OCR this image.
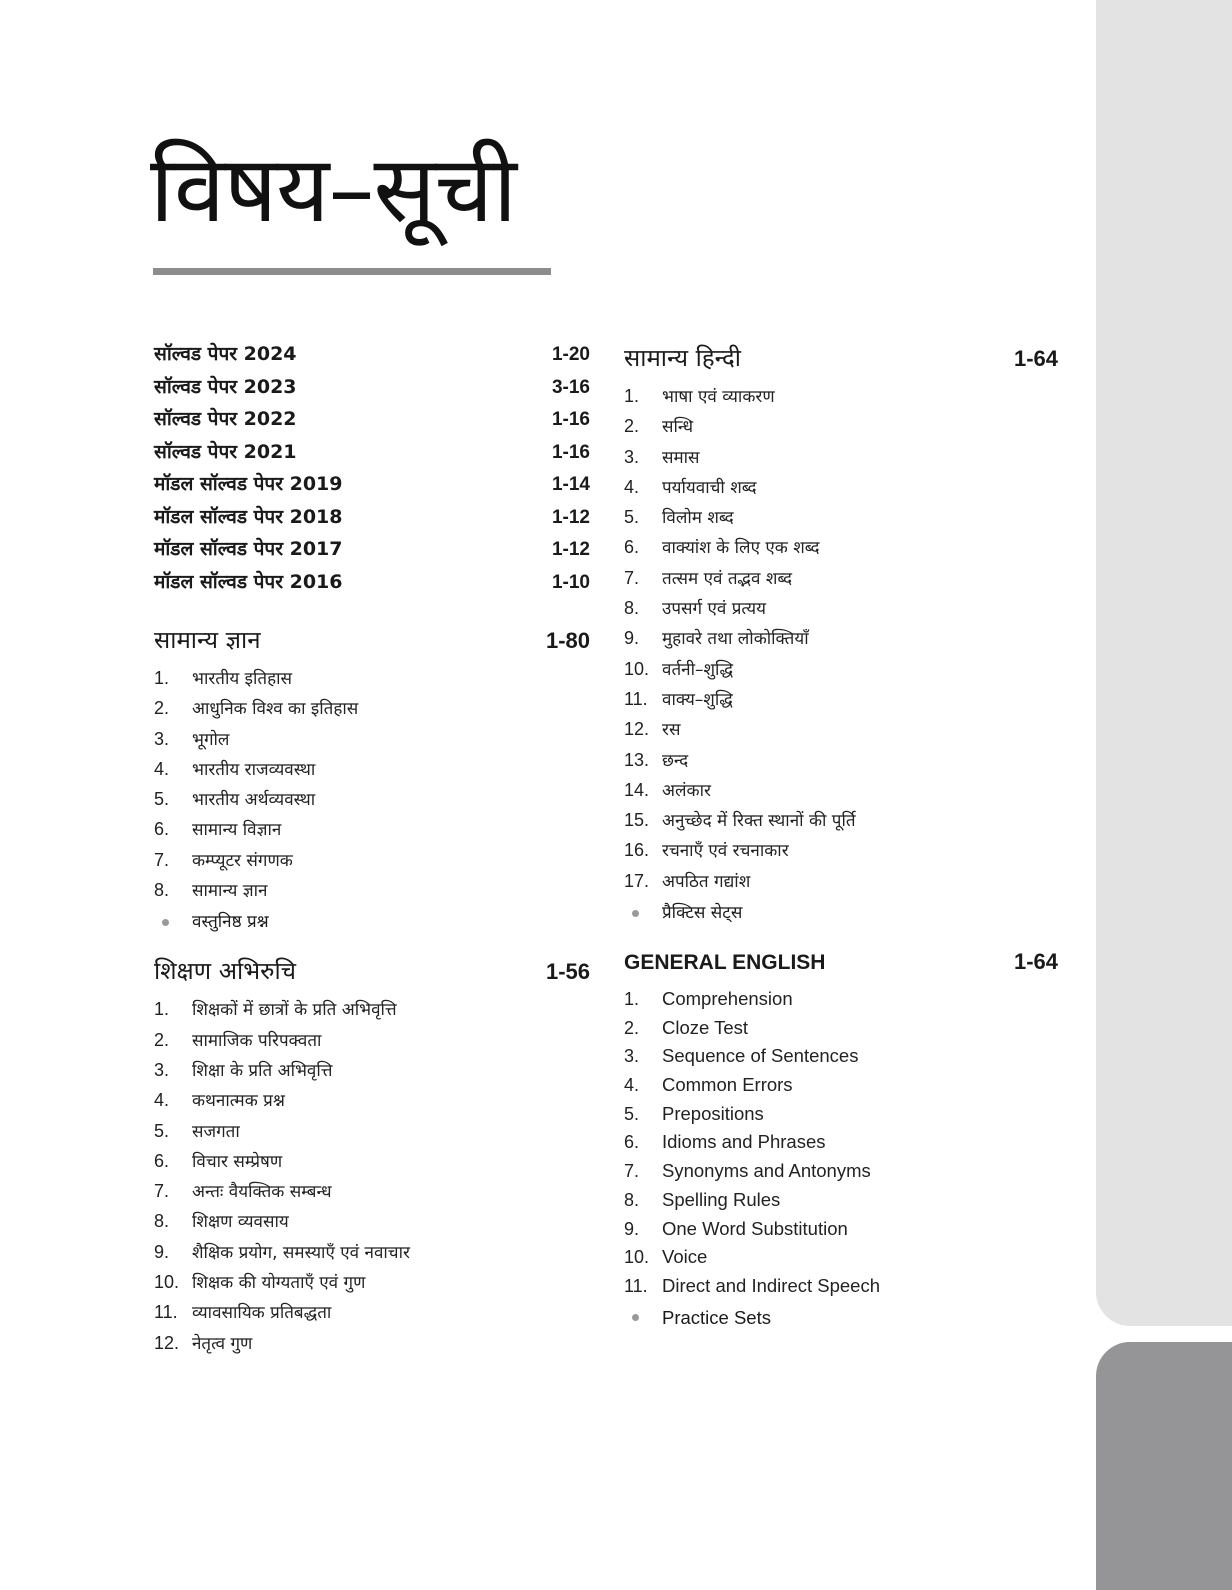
विषय–सूची
सॉल्वड पेपर 2024	1-20
सॉल्वड पेपर 2023	3-16
सॉल्वड पेपर 2022	1-16
सॉल्वड पेपर 2021	1-16
मॉडल सॉल्वड पेपर 2019	1-14
मॉडल सॉल्वड पेपर 2018	1-12
मॉडल सॉल्वड पेपर 2017	1-12
मॉडल सॉल्वड पेपर 2016	1-10
सामान्य ज्ञान	1-80
1.	भारतीय इतिहास
2.	आधुनिक विश्व का इतिहास
3.	भूगोल
4.	भारतीय राजव्यवस्था
5.	भारतीय अर्थव्यवस्था
6.	सामान्य विज्ञान
7.	कम्प्यूटर संगणक
8.	सामान्य ज्ञान
वस्तुनिष्ठ प्रश्न
शिक्षण अभिरुचि	1-56
1.	शिक्षकों में छात्रों के प्रति अभिवृत्ति
2.	सामाजिक परिपक्वता
3.	शिक्षा के प्रति अभिवृत्ति
4.	कथनात्मक प्रश्न
5.	सजगता
6.	विचार सम्प्रेषण
7.	अन्तः वैयक्तिक सम्बन्ध
8.	शिक्षण व्यवसाय
9.	शैक्षिक प्रयोग, समस्याएँ एवं नवाचार
10. शिक्षक की योग्यताएँ एवं गुण
11. व्यावसायिक प्रतिबद्धता
12. नेतृत्व गुण
सामान्य हिन्दी	1-64
1.	भाषा एवं व्याकरण
2.	सन्धि
3.	समास
4.	पर्यायवाची शब्द
5.	विलोम शब्द
6.	वाक्यांश के लिए एक शब्द
7.	तत्सम एवं तद्भव शब्द
8.	उपसर्ग एवं प्रत्यय
9.	मुहावरे तथा लोकोक्तियाँ
10. वर्तनी–शुद्धि
11. वाक्य–शुद्धि
12. रस
13. छन्द
14. अलंकार
15. अनुच्छेद में रिक्त स्थानों की पूर्ति
16. रचनाएँ एवं रचनाकार
17. अपठित गद्यांश
प्रैक्टिस सेट्स
GENERAL ENGLISH	1-64
1.	Comprehension
2.	Cloze Test
3.	Sequence of Sentences
4.	Common Errors
5.	Prepositions
6.	Idioms and Phrases
7.	Synonyms and Antonyms
8.	Spelling Rules
9.	One Word Substitution
10. Voice
11. Direct and Indirect Speech
Practice Sets
